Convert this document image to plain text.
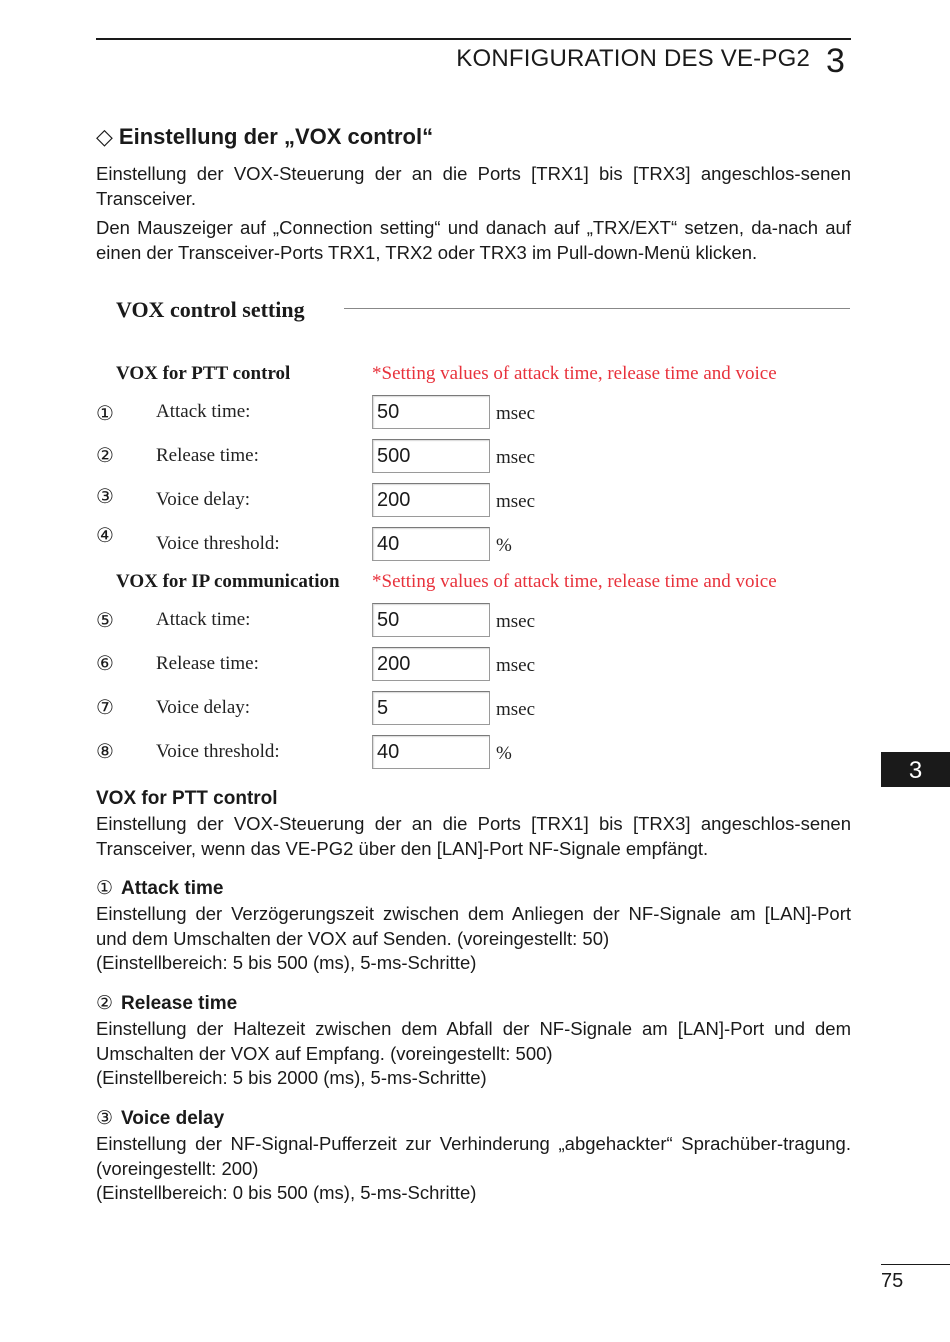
KONFIGURATION DES VE-PG2 3
◇ Einstellung der „VOX control“
Einstellung der VOX-Steuerung der an die Ports [TRX1] bis [TRX3] angeschlos-senen Transceiver.
Den Mauszeiger auf „Connection setting“ und danach auf „TRX/EXT“ setzen, da-nach auf einen der Transceiver-Ports TRX1, TRX2 oder TRX3 im Pull-down-Menü klicken.
VOX control setting
VOX for PTT control	*Setting values of attack time, release time and voice
① Attack time:	50	msec
② Release time:	500	msec
③ Voice delay:	200	msec
④ Voice threshold:	40	%
VOX for IP communication *Setting values of attack time, release time and voice
⑤ Attack time:	50	msec
⑥ Release time:	200	msec
⑦ Voice delay:	5	msec
⑧ Voice threshold:	40	%
VOX for PTT control
Einstellung der VOX-Steuerung der an die Ports [TRX1] bis [TRX3] angeschlos-senen Transceiver, wenn das VE-PG2 über den [LAN]-Port NF-Signale empfängt.
① Attack time
Einstellung der Verzögerungszeit zwischen dem Anliegen der NF-Signale am [LAN]-Port und dem Umschalten der VOX auf Senden. (voreingestellt: 50)
(Einstellbereich: 5 bis 500 (ms), 5-ms-Schritte)
② Release time
Einstellung der Haltezeit zwischen dem Abfall der NF-Signale am [LAN]-Port und dem Umschalten der VOX auf Empfang. (voreingestellt: 500)
(Einstellbereich: 5 bis 2000 (ms), 5-ms-Schritte)
③ Voice delay
Einstellung der NF-Signal-Pufferzeit zur Verhinderung „abgehackter“ Sprachüber-tragung. (voreingestellt: 200)
(Einstellbereich: 0 bis 500 (ms), 5-ms-Schritte)
3
75
